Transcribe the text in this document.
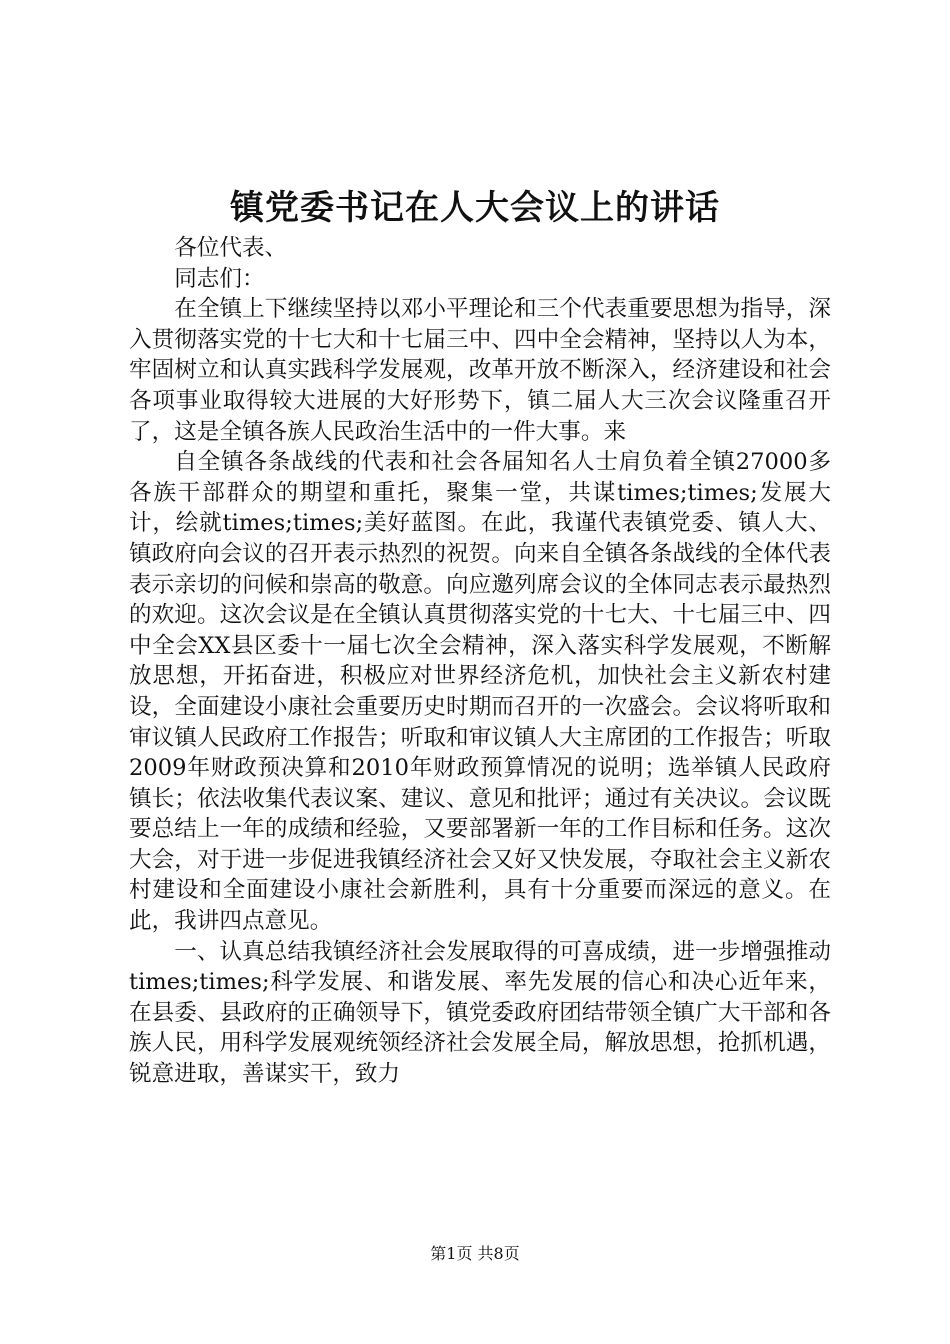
镇党委书记在人大会议上的讲话

各位代表、

同志们：

在全镇上下继续坚持以邓小平理论和三个代表重要思想为指导，深入贯彻落实党的十七大和十七届三中、四中全会精神，坚持以人为本，牢固树立和认真实践科学发展观，改革开放不断深入，经济建设和社会各项事业取得较大进展的大好形势下，镇二届人大三次会议隆重召开了，这是全镇各族人民政治生活中的一件大事。来

自全镇各条战线的代表和社会各届知名人士肩负着全镇27000多各族干部群众的期望和重托，聚集一堂，共谋times;times;发展大计，绘就times;times;美好蓝图。在此，我谨代表镇党委、镇人大、镇政府向会议的召开表示热烈的祝贺。向来自全镇各条战线的全体代表表示亲切的问候和崇高的敬意。向应邀列席会议的全体同志表示最热烈的欢迎。这次会议是在全镇认真贯彻落实党的十七大、十七届三中、四中全会XX县区委十一届七次全会精神，深入落实科学发展观，不断解放思想，开拓奋进，积极应对世界经济危机，加快社会主义新农村建设，全面建设小康社会重要历史时期而召开的一次盛会。会议将听取和审议镇人民政府工作报告；听取和审议镇人大主席团的工作报告；听取2009年财政预决算和2010年财政预算情况的说明；选举镇人民政府镇长；依法收集代表议案、建议、意见和批评；通过有关决议。会议既要总结上一年的成绩和经验，又要部署新一年的工作目标和任务。这次大会，对于进一步促进我镇经济社会又好又快发展，夺取社会主义新农村建设和全面建设小康社会新胜利，具有十分重要而深远的意义。在此，我讲四点意见。

一、认真总结我镇经济社会发展取得的可喜成绩，进一步增强推动times;times;科学发展、和谐发展、率先发展的信心和决心近年来，在县委、县政府的正确领导下，镇党委政府团结带领全镇广大干部和各族人民，用科学发展观统领经济社会发展全局，解放思想，抢抓机遇，锐意进取，善谋实干，致力

第1页 共8页
